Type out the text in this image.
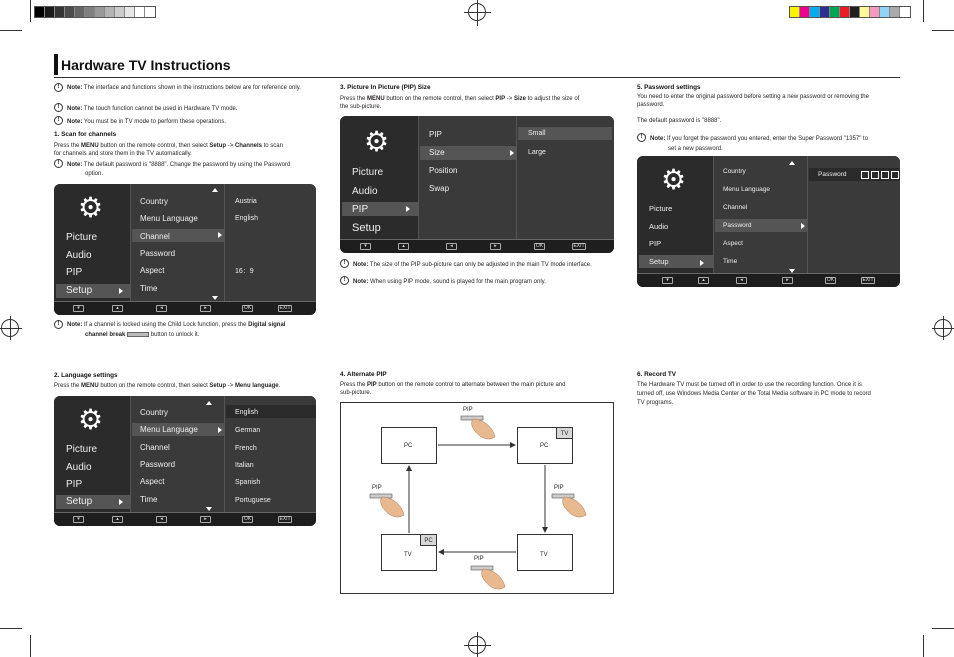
Hardware TV Instructions
!	Note: The interface and functions shown in the instructions below are for reference only.
!	Note: The touch function cannot be used in Hardware TV mode.
!	Note: You must be in TV mode to perform these operations.
1. Scan for channels
Press the MENU button on the remote control, then select Setup -> Channels to scan
for channels and store them in the TV automatically.
!	Note: The default password is "8888". Change the password by using the Password
option.
⚙
Picture
Audio
PIP
Setup
Country
Menu Language
Channel
Password
Aspect
Time
Austria
English
16：9
▾	▴	◂	▸	OK	EXIT
!	Note: If a channel is locked using the Child Lock function, press the Digital signal
channel break	button to unlock it.
2. Language settings
Press the MENU button on the remote control, then select Setup -> Menu language.
⚙
Picture
Audio
PIP
Setup
Country
Menu Language
Channel
Password
Aspect
Time
English
German
French
Italian
Spanish
Portuguese
▾	▴	◂	▸	OK	EXIT
3. Picture In Picture (PIP) Size
Press the MENU button on the remote control, then select PIP -> Size to adjust the size of
the sub-picture.
⚙
Picture
Audio
PIP
Setup
PIP
Size
Position
Swap
Small
Large
▾	▴	◂	▸	OK	EXIT
!	Note: The size of the PIP sub-picture can only be adjusted in the main TV mode interface.
!	Note: When using PIP mode, sound is played for the main program only.
4. Alternate PIP
Press the PIP button on the remote control to alternate between the main picture and
sub-picture.
PC	PC
TV
TV
PC
TV
PIP
PIP	PIP
PIP
5. Password settings
You need to enter the original password before setting a new password or removing the
password.
The default password is "8888".
!	Note: If you forget the password you entered, enter the Super Password "1357" to
set a new password.
⚙
Picture
Audio
PIP
Setup
Country
Menu Language
Channel
Password
Aspect
Time
Password
▾	▴	◂	▸	OK	EXIT
6. Record TV
The Hardware TV must be turned off in order to use the recording function. Once it is
turned off, use Windows Media Center or the Total Media software in PC mode to record
TV programs.
